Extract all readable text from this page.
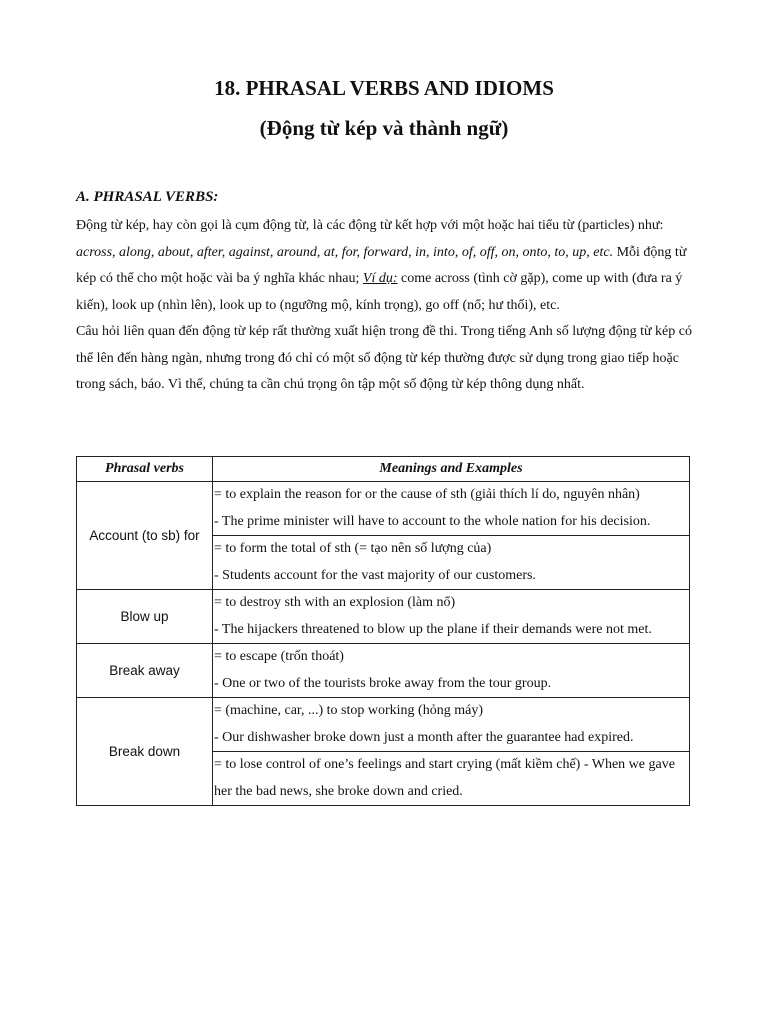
18. PHRASAL VERBS AND IDIOMS
(Động từ kép và thành ngữ)

A. PHRASAL VERBS:

Động từ kép, hay còn gọi là cụm động từ, là các động từ kết hợp với một hoặc hai tiểu từ (particles) như: across, along, about, after, against, around, at, for, forward, in, into, of, off, on, onto, to, up, etc. Mỗi động từ kép có thể cho một hoặc vài ba ý nghĩa khác nhau; Ví dụ: come across (tình cờ gặp), come up with (đưa ra ý kiến), look up (nhìn lên), look up to (ngưỡng mộ, kính trọng), go off (nổ; hư thối), etc.

Câu hỏi liên quan đến động từ kép rất thường xuất hiện trong đề thi. Trong tiếng Anh số lượng động từ kép có thể lên đến hàng ngàn, nhưng trong đó chỉ có một số động từ kép thường được sử dụng trong giao tiếp hoặc trong sách, báo. Vì thế, chúng ta cần chú trọng ôn tập một số động từ kép thông dụng nhất.

Phrasal verbs	Meanings and Examples
Account (to sb) for	= to explain the reason for or the cause of sth (giải thích lí do, nguyên nhân)
- The prime minister will have to account to the whole nation for his decision.

	= to form the total of sth (= tạo nên số lượng của)
- Students account for the vast majority of our customers.

Blow up	= to destroy sth with an explosion (làm nổ)
- The hijackers threatened to blow up the plane if their demands were not met.

Break away	= to escape (trốn thoát)
- One or two of the tourists broke away from the tour group.

Break down	= (machine, car, ...) to stop working (hỏng máy)
- Our dishwasher broke down just a month after the guarantee had expired.

	= to lose control of one’s feelings and start crying (mất kiềm chế) - When we gave her the bad news, she broke down and cried.
